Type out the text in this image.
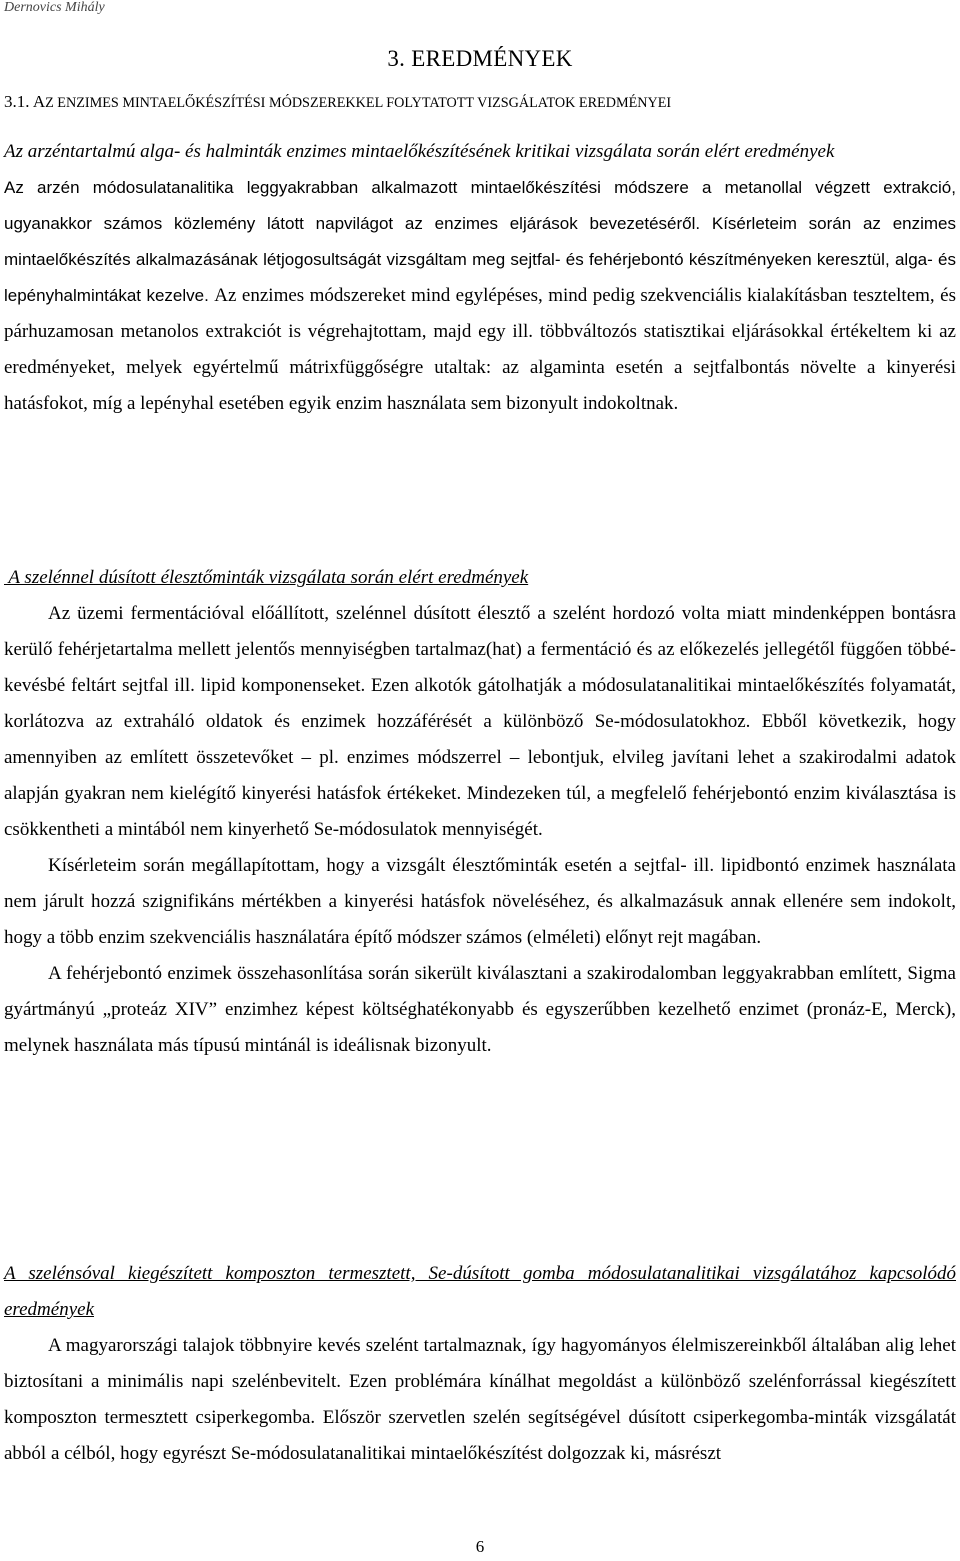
Dernovics Mihály
3. EREDMÉNYEK
3.1. AZ ENZIMES MINTAELŐKÉSZÍTÉSI MÓDSZEREKKEL FOLYTATOTT VIZSGÁLATOK EREDMÉNYEI
Az arzéntartalmú alga- és halminták enzimes mintaelőkészítésének kritikai vizsgálata során elért eredmények
Az arzén módosulatanalitika leggyakrabban alkalmazott mintaelőkészítési módszere a metanollal végzett extrakció, ugyanakkor számos közlemény látott napvilágot az enzimes eljárások bevezetéséről. Kísérleteim során az enzimes mintaelőkészítés alkalmazásának létjogosultságát vizsgáltam meg sejtfal- és fehérjebontó készítményeken keresztül, alga- és lepényhalmintákat kezelve. Az enzimes módszereket mind egylépéses, mind pedig szekvenciális kialakításban teszteltem, és párhuzamosan metanolos extrakciót is végrehajtottam, majd egy ill. többváltozós statisztikai eljárásokkal értékeltem ki az eredményeket, melyek egyértelmű mátrixfüggőségre utaltak: az algaminta esetén a sejtfalbontás növelte a kinyerési hatásfokot, míg a lepényhal esetében egyik enzim használata sem bizonyult indokoltnak.
A szelénnel dúsított élesztőminták vizsgálata során elért eredmények
Az üzemi fermentációval előállított, szelénnel dúsított élesztő a szelént hordozó volta miatt mindenképpen bontásra kerülő fehérjetartalma mellett jelentős mennyiségben tartalmaz(hat) a fermentáció és az előkezelés jellegétől függően többé-kevésbé feltárt sejtfal ill. lipid komponenseket. Ezen alkotók gátolhatják a módosulatanalitikai mintaelőkészítés folyamatát, korlátozva az extraháló oldatok és enzimek hozzáférését a különböző Se-módosulatokhoz. Ebből következik, hogy amennyiben az említett összetevőket – pl. enzimes módszerrel – lebontjuk, elvileg javítani lehet a szakirodalmi adatok alapján gyakran nem kielégítő kinyerési hatásfok értékeket. Mindezeken túl, a megfelelő fehérjebontó enzim kiválasztása is csökkentheti a mintából nem kinyerhető Se-módosulatok mennyiségét.
Kísérleteim során megállapítottam, hogy a vizsgált élesztőminták esetén a sejtfal- ill. lipidbontó enzimek használata nem járult hozzá szignifikáns mértékben a kinyerési hatásfok növeléséhez, és alkalmazásuk annak ellenére sem indokolt, hogy a több enzim szekvenciális használatára építő módszer számos (elméleti) előnyt rejt magában.
A fehérjebontó enzimek összehasonlítása során sikerült kiválasztani a szakirodalomban leggyakrabban említett, Sigma gyártmányú „proteáz XIV” enzimhez képest költséghatékonyabb és egyszerűbben kezelhető enzimet (pronáz-E, Merck), melynek használata más típusú mintánál is ideálisnak bizonyult.
A szelénsóval kiegészített komposzton termesztett, Se-dúsított gomba módosulatanalitikai vizsgálatához kapcsolódó eredmények
A magyarországi talajok többnyire kevés szelént tartalmaznak, így hagyományos élelmiszereinkből általában alig lehet biztosítani a minimális napi szelénbevitelt. Ezen problémára kínálhat megoldást a különböző szelénforrással kiegészített komposzton termesztett csiperkegomba. Először szervetlen szelén segítségével dúsított csiperkegomba-minták vizsgálatát abból a célból, hogy egyrészt Se-módosulatanalitikai mintaelőkészítést dolgozzak ki, másrészt
6
